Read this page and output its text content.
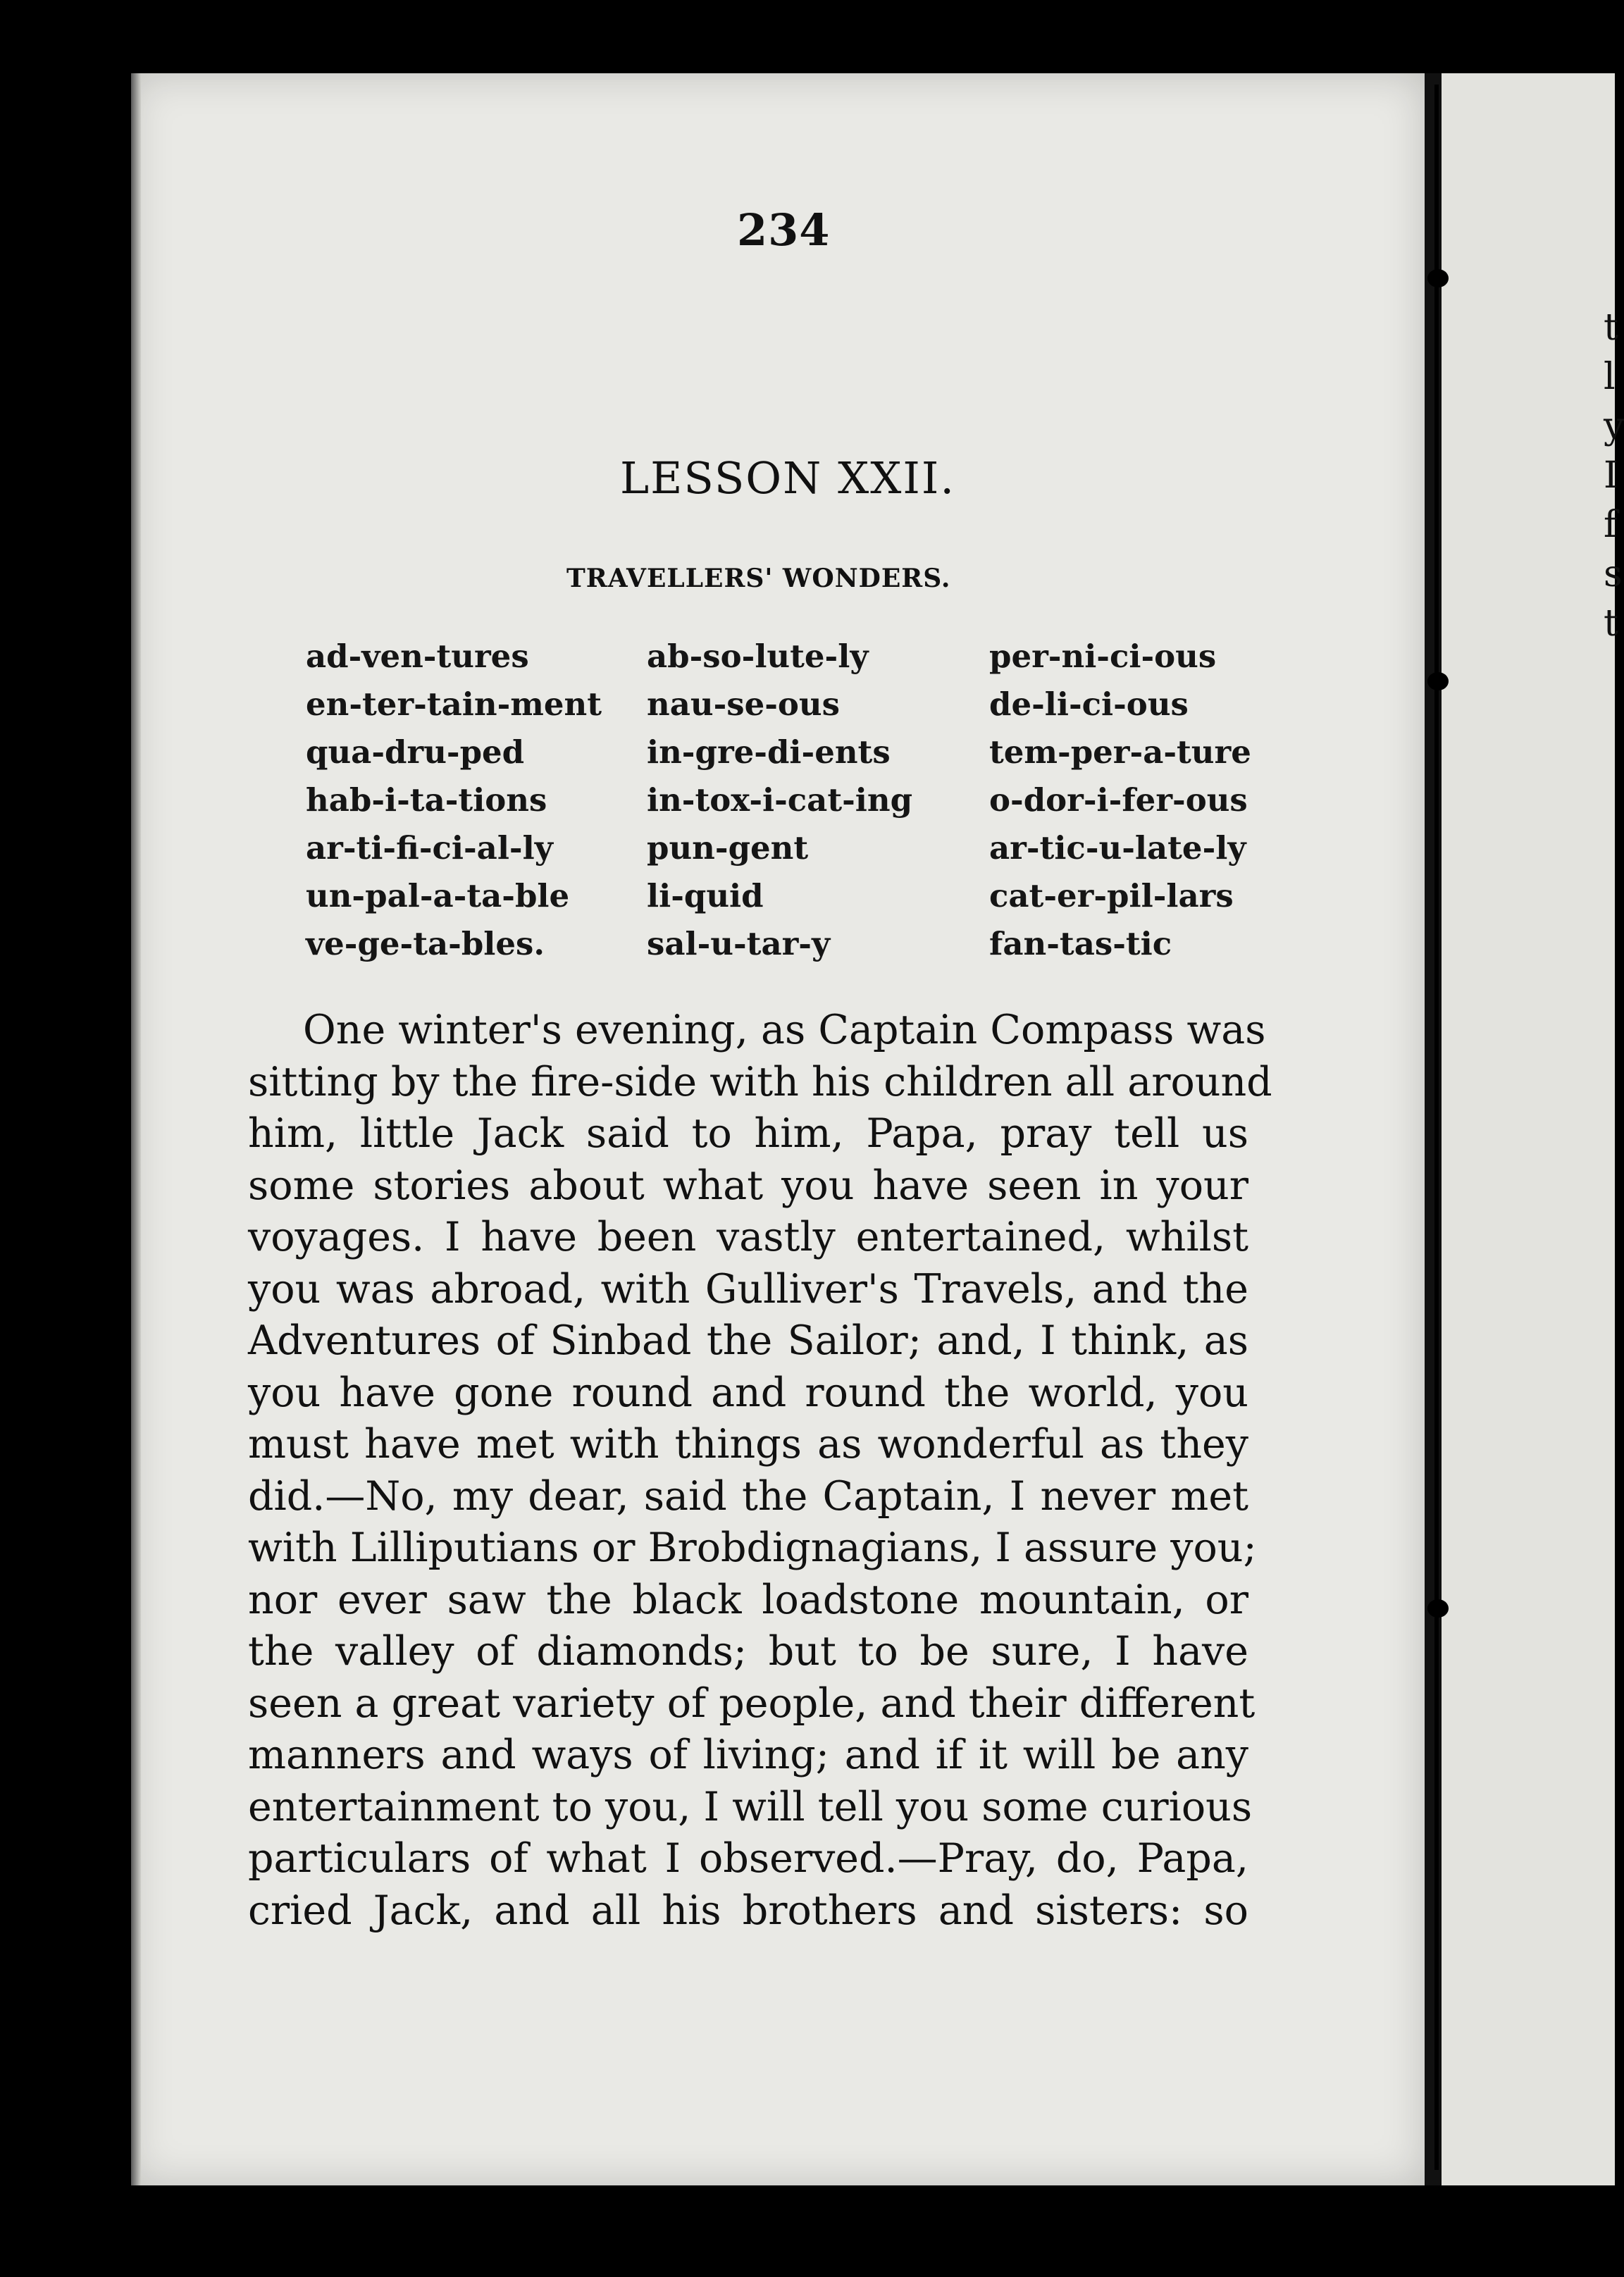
t
l
y
I
f
s
t
234
LESSON XXII.
TRAVELLERS' WONDERS.
ad-ven-tures
en-ter-tain-ment
qua-dru-ped
hab-i-ta-tions
ar-ti-fi-ci-al-ly
un-pal-a-ta-ble
ve-ge-ta-bles.
ab-so-lute-ly
nau-se-ous
in-gre-di-ents
in-tox-i-cat-ing
pun-gent
li-quid
sal-u-tar-y
per-ni-ci-ous
de-li-ci-ous
tem-per-a-ture
o-dor-i-fer-ous
ar-tic-u-late-ly
cat-er-pil-lars
fan-tas-tic
One winter's evening, as Captain Compass was
sitting by the fire-side with his children all around
him, little Jack said to him, Papa, pray tell us
some stories about what you have seen in your
voyages. I have been vastly entertained, whilst
you was abroad, with Gulliver's Travels, and the
Adventures of Sinbad the Sailor; and, I think, as
you have gone round and round the world, you
must have met with things as wonderful as they
did.—No, my dear, said the Captain, I never met
with Lilliputians or Brobdignagians, I assure you;
nor ever saw the black loadstone mountain, or
the valley of diamonds; but to be sure, I have
seen a great variety of people, and their different
manners and ways of living; and if it will be any
entertainment to you, I will tell you some curious
particulars of what I observed.—Pray, do, Papa,
cried Jack, and all his brothers and sisters: so
